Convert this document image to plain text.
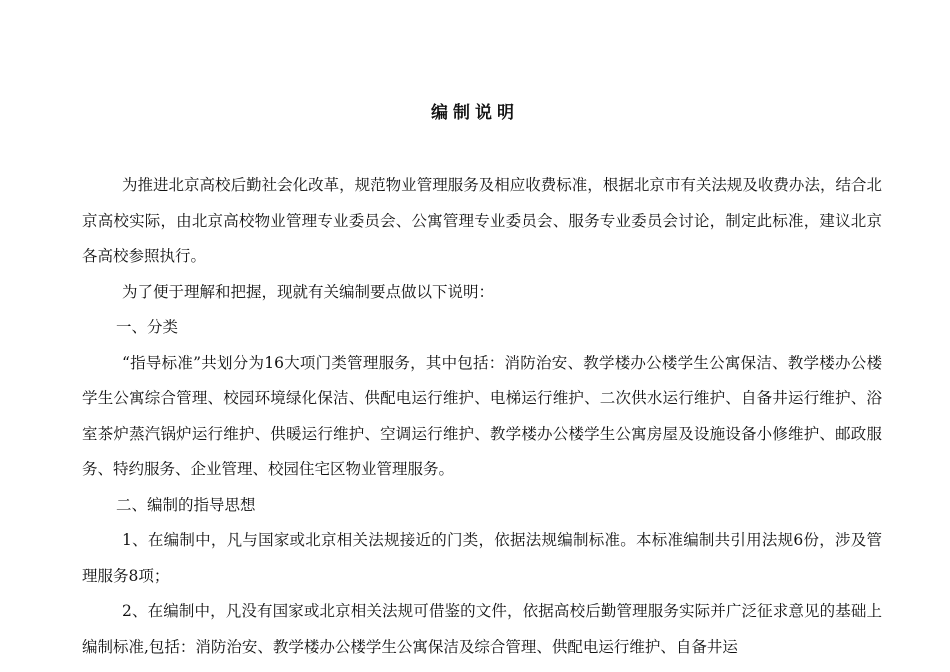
编制说明

为推进北京高校后勤社会化改革，规范物业管理服务及相应收费标准，根据北京市有关法规及收费办法，结合北京高校实际，由北京高校物业管理专业委员会、公寓管理专业委员会、服务专业委员会讨论，制定此标准，建议北京各高校参照执行。

为了便于理解和把握，现就有关编制要点做以下说明：

一、分类

“指导标准”共划分为16大项门类管理服务，其中包括：消防治安、教学楼办公楼学生公寓保洁、教学楼办公楼学生公寓综合管理、校园环境绿化保洁、供配电运行维护、电梯运行维护、二次供水运行维护、自备井运行维护、浴室茶炉蒸汽锅炉运行维护、供暖运行维护、空调运行维护、教学楼办公楼学生公寓房屋及设施设备小修维护、邮政服务、特约服务、企业管理、校园住宅区物业管理服务。

二、编制的指导思想

1、在编制中，凡与国家或北京相关法规接近的门类，依据法规编制标准。本标准编制共引用法规6份，涉及管理服务8项；

2、在编制中，凡没有国家或北京相关法规可借鉴的文件，依据高校后勤管理服务实际并广泛征求意见的基础上编制标准,包括：消防治安、教学楼办公楼学生公寓保洁及综合管理、供配电运行维护、自备井运
